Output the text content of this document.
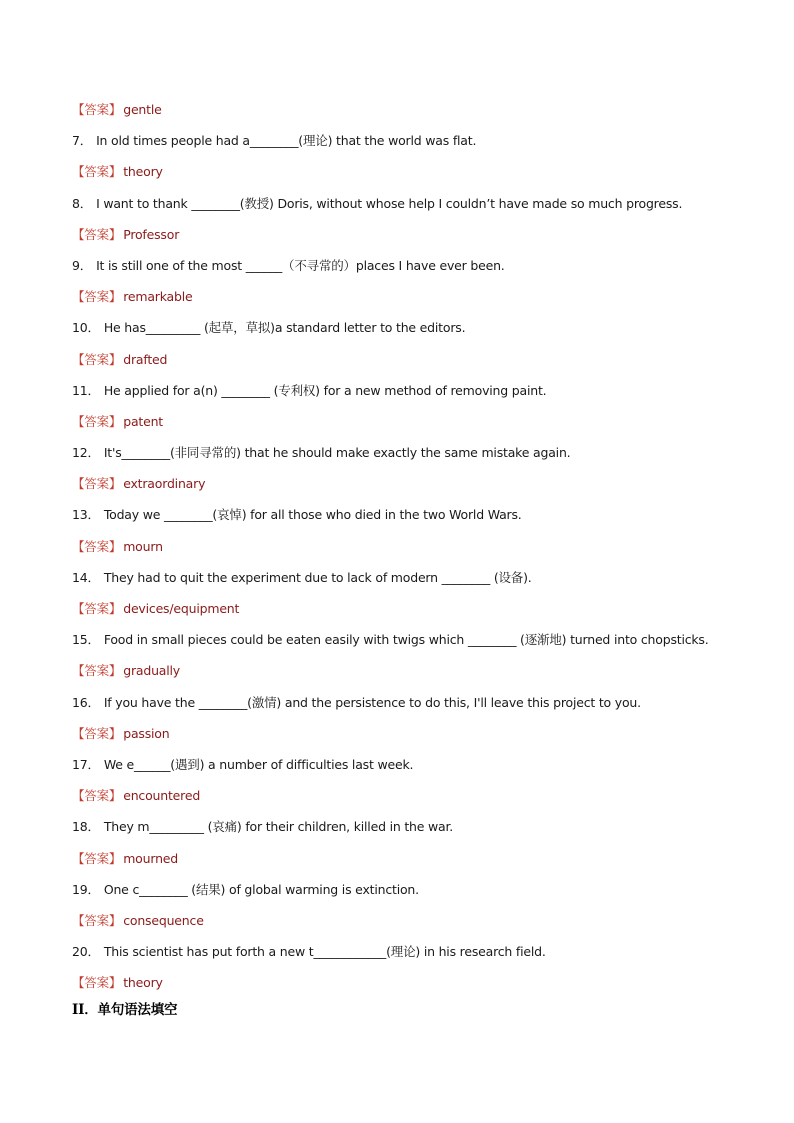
【答案】 gentle
7． In old times people had a________(理论) that the world was flat.
【答案】 theory
8． I want to thank ________(教授) Doris, without whose help I couldn’t have made so much progress.
【答案】 Professor
9． It is still one of the most ______（不寻常的）places I have ever been.
【答案】 remarkable
10． He has_________ (起草，草拟)a standard letter to the editors.
【答案】 drafted
11． He applied for a(n) ________ (专利权) for a new method of removing paint.
【答案】 patent
12． It's________(非同寻常的) that he should make exactly the same mistake again.
【答案】 extraordinary
13． Today we ________(哀悼) for all those who died in the two World Wars.
【答案】 mourn
14． They had to quit the experiment due to lack of modern ________ (设备).
【答案】 devices/equipment
15． Food in small pieces could be eaten easily with twigs which ________ (逐渐地) turned into chopsticks.
【答案】 gradually
16． If you have the ________(激情) and the persistence to do this, I'll leave this project to you.
【答案】 passion
17． We e______(遇到) a number of difficulties last week.
【答案】 encountered
18． They m_________ (哀痛) for their children, killed in the war.
【答案】 mourned
19． One c________ (结果) of global warming is extinction.
【答案】 consequence
20． This scientist has put forth a new t____________(理论) in his research field.
【答案】 theory
II．单句语法填空
